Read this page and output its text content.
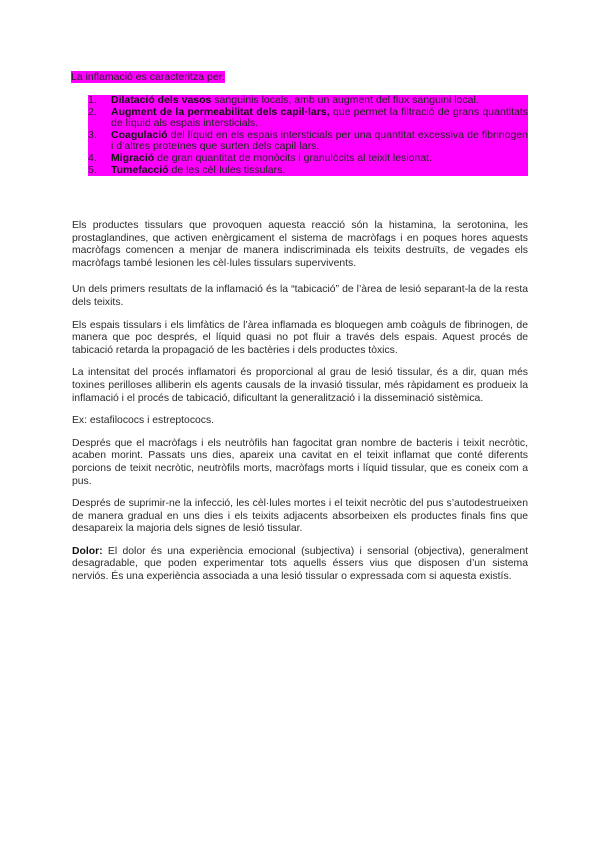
La inflamació es caracteritza per:
1.	Dilatació dels vasos sanguinis locals, amb un augment del flux sanguini local.
2.	Augment de la permeabilitat dels capil·lars, que permet la filtració de grans quantitats de líquid als espais intersticials.
3.	Coagulació del líquid en els espais intersticials per una quantitat excessiva de fibrinogen i d’altres proteïnes que surten dels capil·lars.
4.	Migració de gran quantitat de monòcits i granulòcits al teixit lesionat.
5.	Tumefacció de les cèl·lules tissulars.

Els productes tissulars que provoquen aquesta reacció són la histamina, la serotonina, les prostaglandines, que activen enèrgicament el sistema de macròfags i en poques hores aquests macròfags comencen a menjar de manera indiscriminada els teixits destruïts, de vegades els macròfags també lesionen les cèl·lules tissulars supervivents.

Un dels primers resultats de la inflamació és la “tabicació” de l’àrea de lesió separant-la de la resta dels teixits.

Els espais tissulars i els limfàtics de l’àrea inflamada es bloquegen amb coàguls de fibrinogen, de manera que poc després, el líquid quasi no pot fluir a través dels espais. Aquest procés de tabicació retarda la propagació de les bactèries i dels productes tòxics.

La intensitat del procés inflamatori és proporcional al grau de lesió tissular, és a dir, quan més toxines perilloses alliberin els agents causals de la invasió tissular, més ràpidament es produeix la inflamació i el procés de tabicació, dificultant la generalització i la disseminació sistèmica.

Ex: estafilococs i estreptococs.

Després que el macròfags i els neutròfils han fagocitat gran nombre de bacteris i teixit necròtic, acaben morint. Passats uns dies, apareix una cavitat en el teixit inflamat que conté diferents porcions de teixit necròtic, neutròfils morts, macròfags morts i líquid tissular, que es coneix com a pus.

Després de suprimir-ne la infecció, les cèl·lules mortes i el teixit necròtic del pus s’autodestrueixen de manera gradual en uns dies i els teixits adjacents absorbeixen els productes finals fins que desapareix la majoria dels signes de lesió tissular.

Dolor: El dolor és una experiència emocional (subjectiva) i sensorial (objectiva), generalment desagradable, que poden experimentar tots aquells éssers vius que disposen d’un sistema nerviós. És una experiència associada a una lesió tissular o expressada com si aquesta existís.
